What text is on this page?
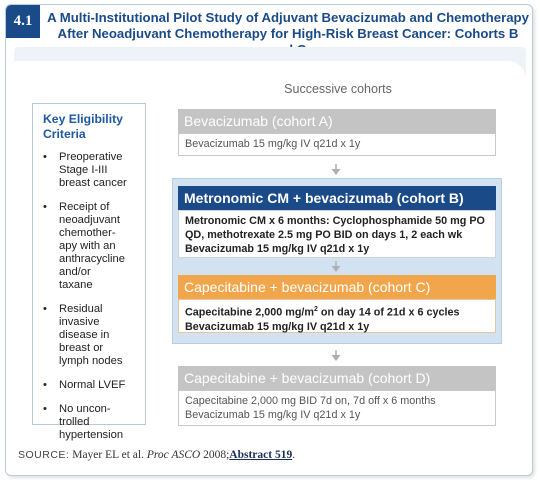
4.1	A Multi-Institutional Pilot Study of Adjuvant Bevacizumab and Chemotherapy
After Neoadjuvant Chemotherapy for High-Risk Breast Cancer: Cohorts B
Key Eligibility
Criteria
• Preoperative
Stage I-III
breast cancer
• Receipt of
neoadjuvant
chemother-
apy with an
anthracycline
and/or
taxane
• Residual
invasive
disease in
breast or
lymph nodes
• Normal LVEF
• No uncon-
trolled
hypertension
Successive cohorts
Bevacizumab (cohort A)
Bevacizumab 15 mg/kg IV q21d x 1y
Metronomic CM + bevacizumab (cohort B)
Metronomic CM x 6 months: Cyclophosphamide 50 mg PO
QD, methotrexate 2.5 mg PO BID on days 1, 2 each wk
Bevacizumab 15 mg/kg IV q21d x 1y
Capecitabine + bevacizumab (cohort C)
Capecitabine 2,000 $mg/m^2$ on day 14 of 21d x 6 cycles
Bevacizumab 15 mg/kg IV q21d x 1y
Capecitabine + bevacizumab (cohort D)
Capecitabine 2,000 mg BID 7d on, 7d off x 6 months
Bevacizumab 15 mg/kg IV q21d x 1y
SOURCE: Mayer EL et al. Proc ASCO 2008;Abstract 519.
